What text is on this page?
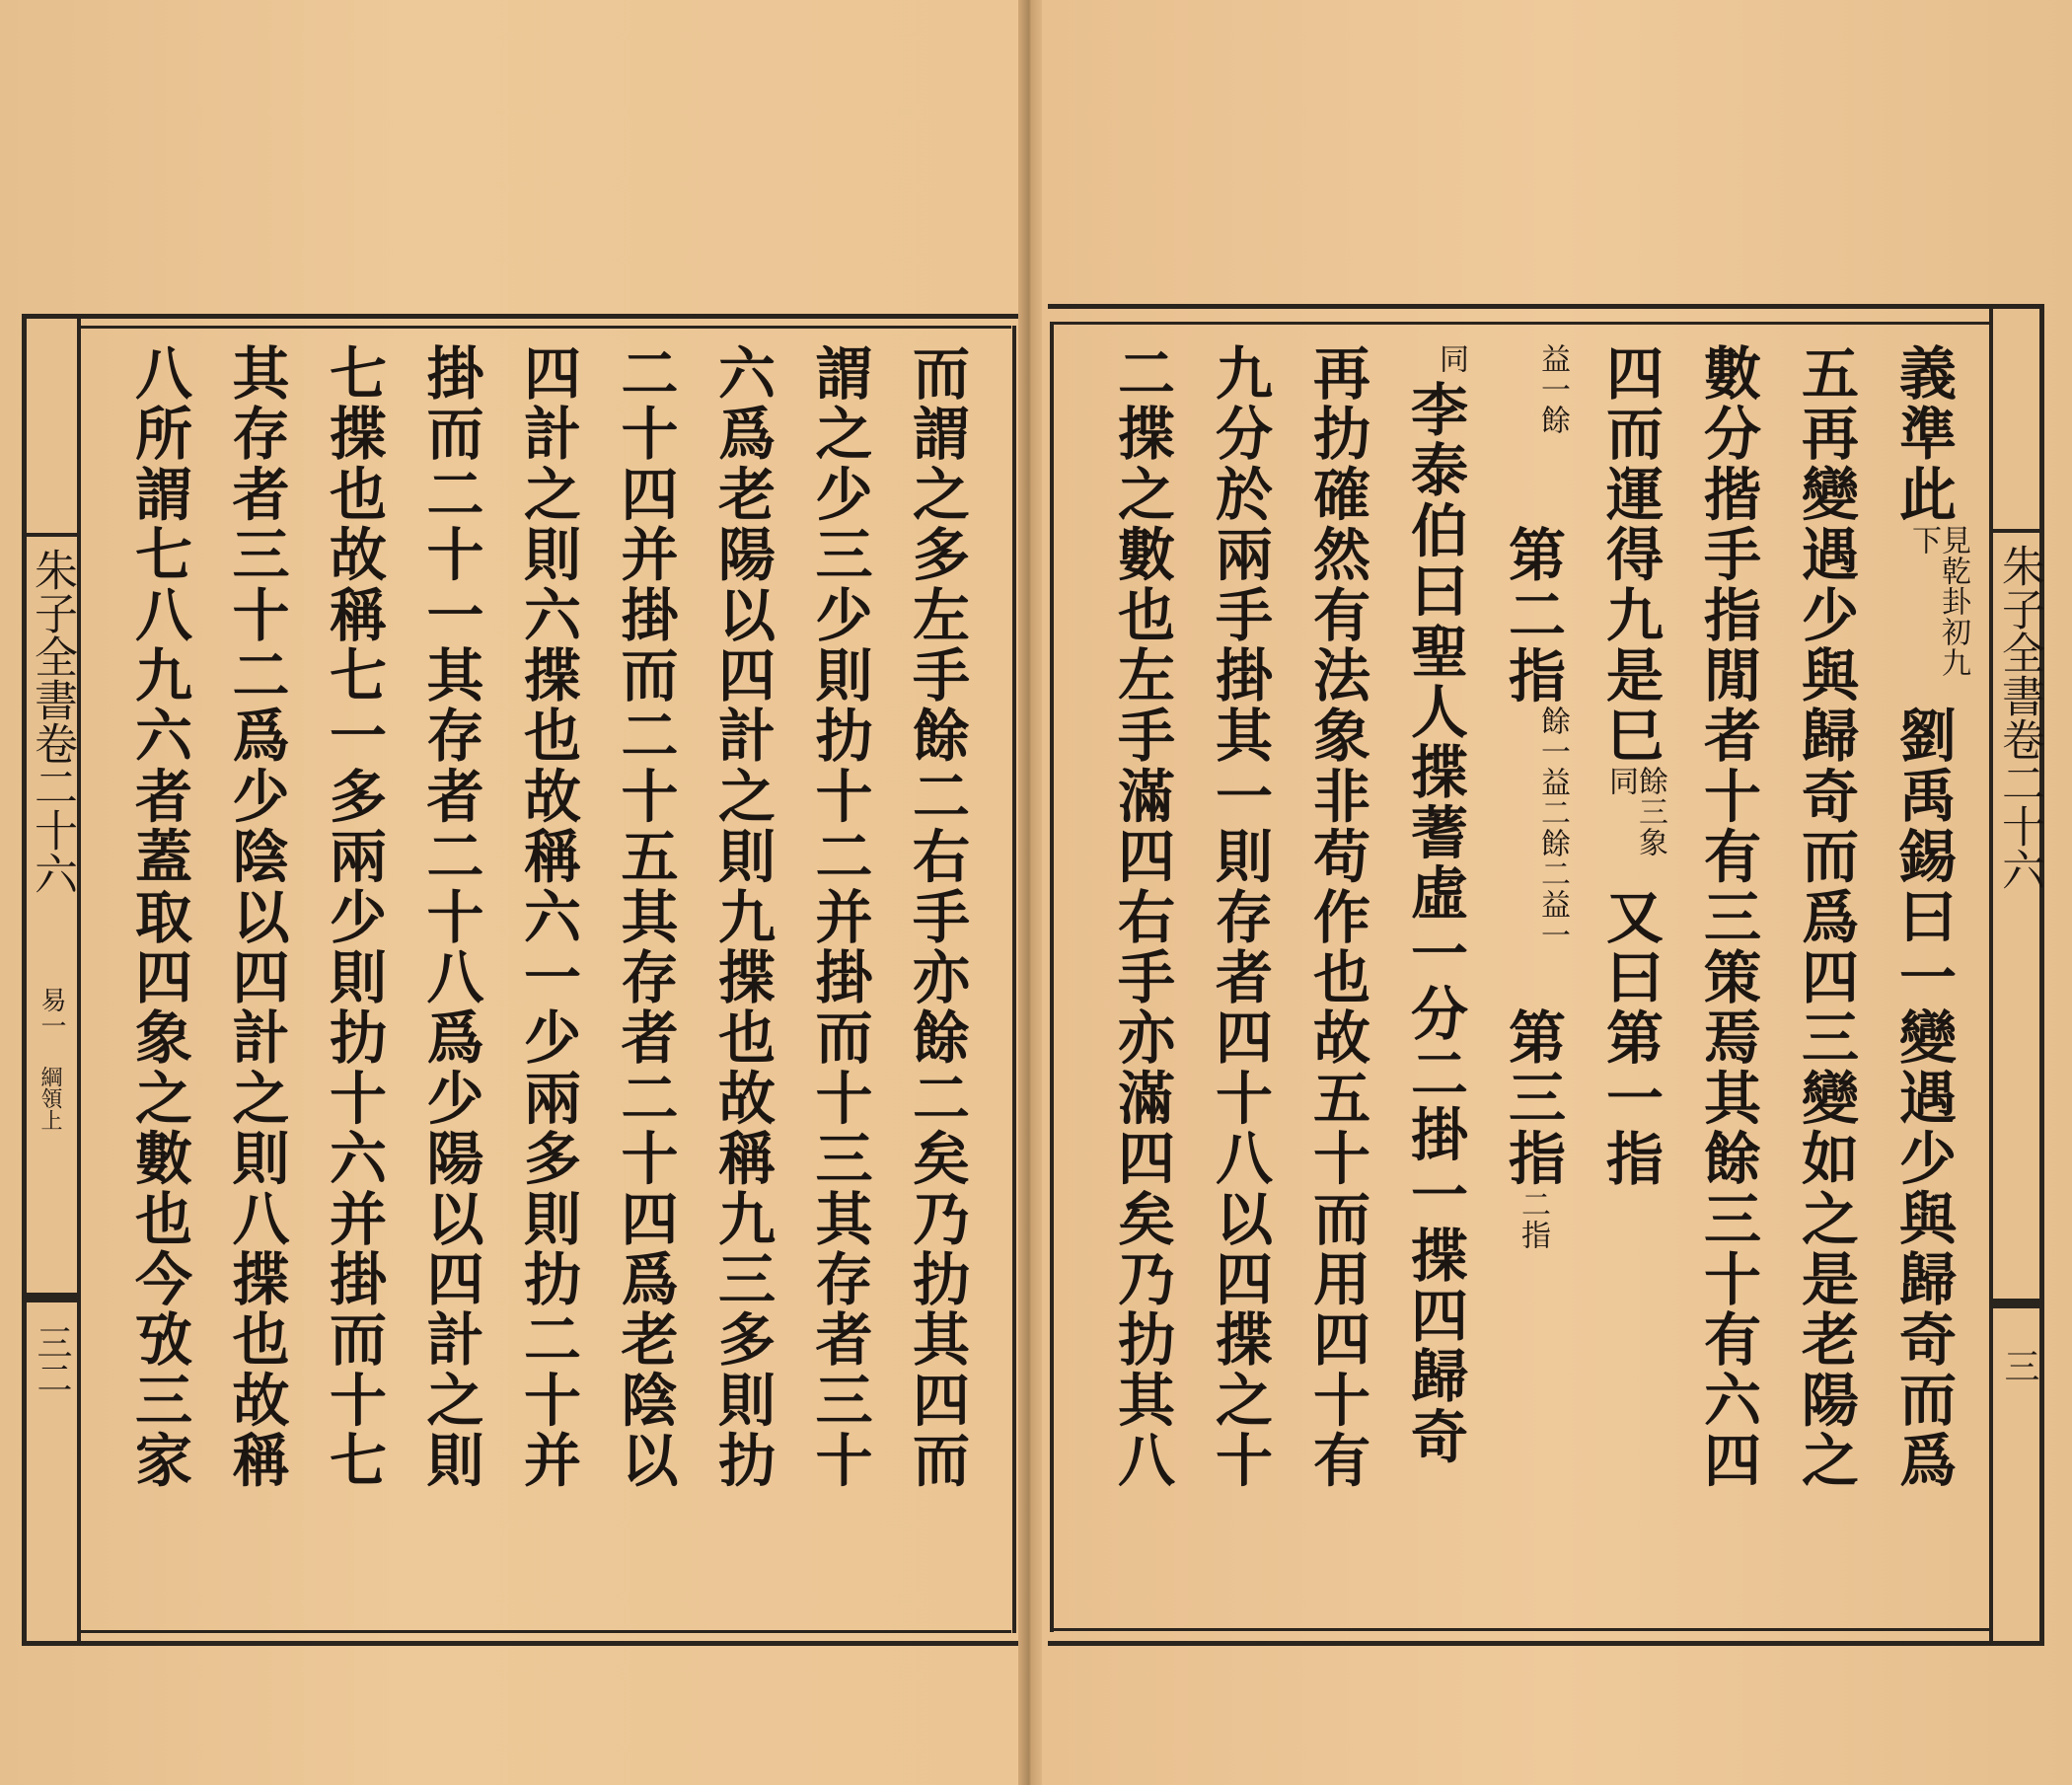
朱子全書卷二十六
易一
綱領上
三二	而謂之多左手餘二右手亦餘二矣乃扐其四而
謂之少三少則扐十二并掛而十三其存者三十
六爲老陽以四計之則九揲也故稱九三多則扐
二十四并掛而二十五其存者二十四爲老陰以
四計之則六揲也故稱六一少兩多則扐二十并
掛而二十一其存者二十八爲少陽以四計之則
七揲也故稱七一多兩少則扐十六并掛而十七
其存者三十二爲少陰以四計之則八揲也故稱
八所謂七八九六者蓋取四象之數也今攷三家	朱子全書卷二十六
三
義準此
見乾卦初九下
劉禹錫曰一變遇少與歸奇而爲
五再變遇少與歸奇而爲四三變如之是老陽之
數分揩手指閒者十有三策焉其餘三十有六四
四而運得九是巳
餘三象同
又曰第一指
益一餘
第二指
餘一益二餘二益一
第三指
二指
同
李泰伯曰聖人揲蓍虛一分二掛一揲四歸奇
再扐確然有法象非苟作也故五十而用四十有
九分於兩手掛其一則存者四十八以四揲之十
二揲之數也左手滿四右手亦滿四矣乃扐其八
